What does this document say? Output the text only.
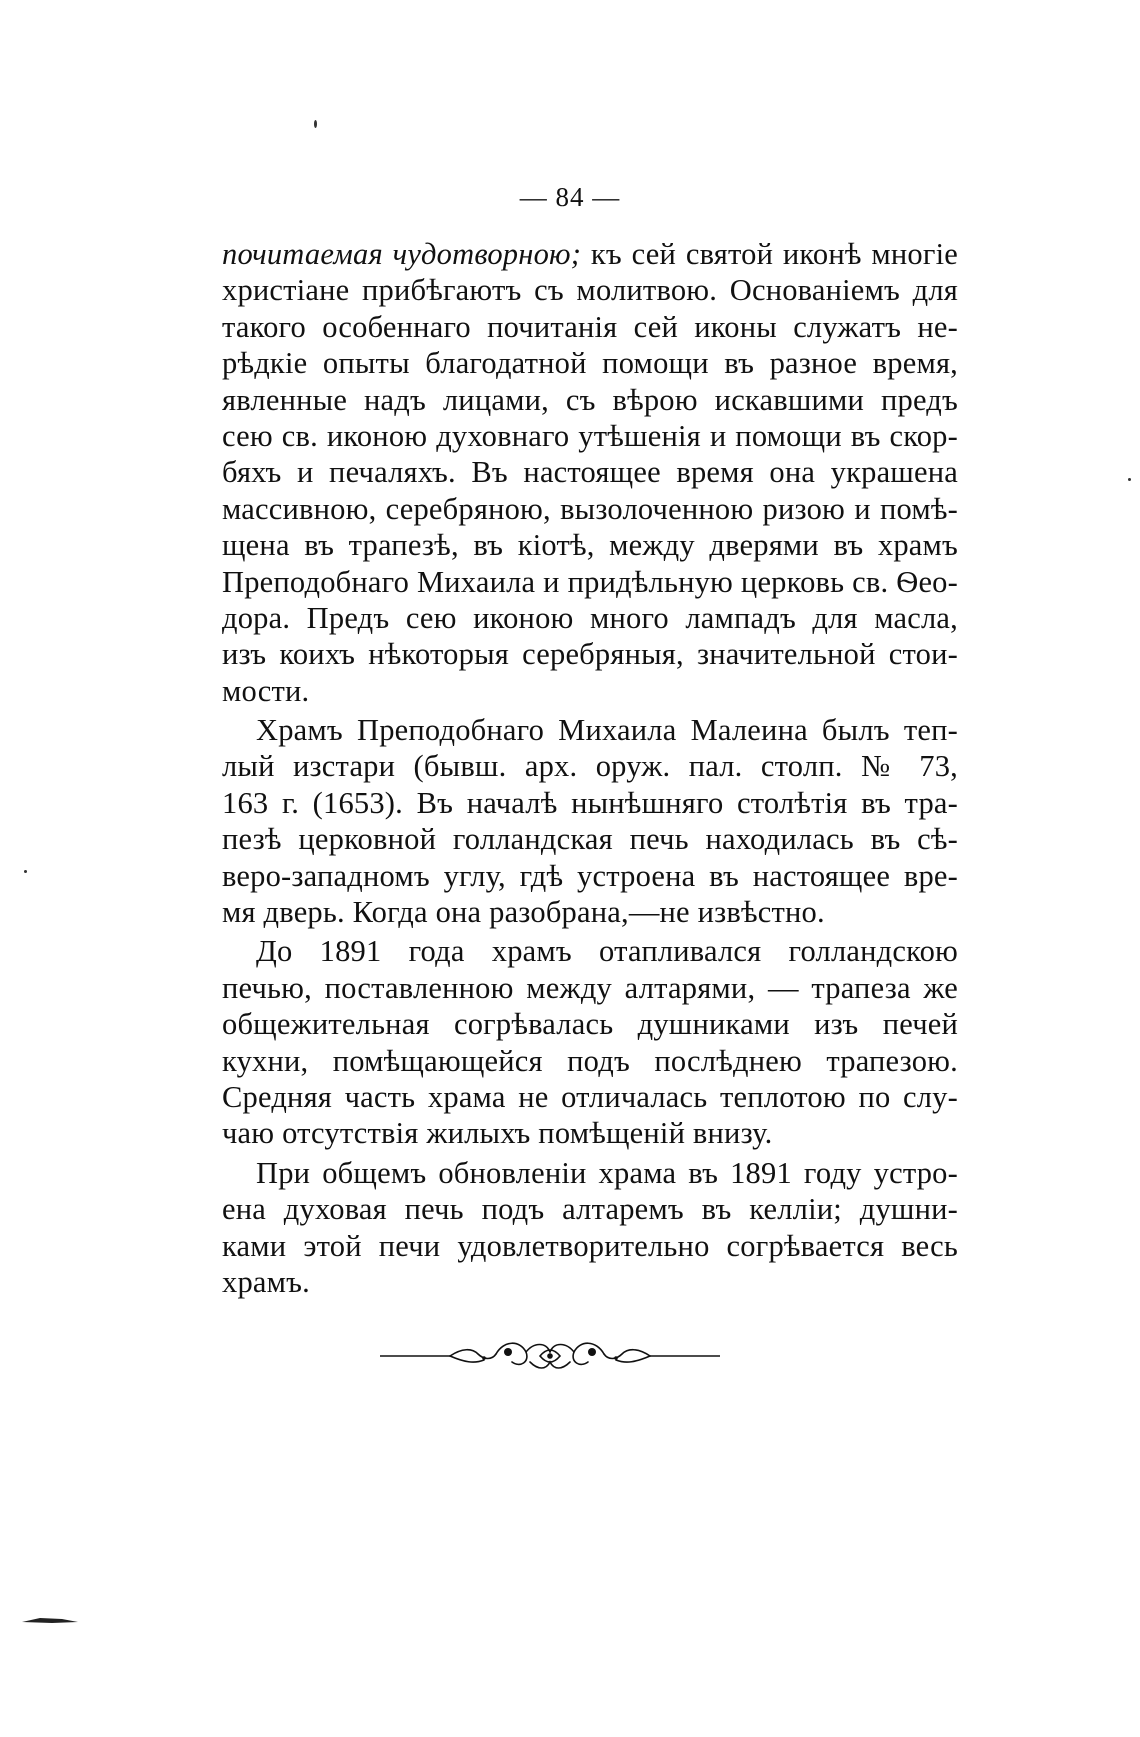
— 84 —
почитаемая чудотворною; къ сей святой иконѣ многіе
христіане прибѣгаютъ съ молитвою. Основаніемъ для
такого особеннаго почитанія сей иконы служатъ не-
рѣдкіе опыты благодатной помощи въ разное время,
явленные надъ лицами, съ вѣрою искавшими предъ
сею св. иконою духовнаго утѣшенія и помощи въ скор-
бяхъ и печаляхъ. Въ настоящее время она украшена
массивною, серебряною, вызолоченною ризою и помѣ-
щена въ трапезѣ, въ кіотѣ, между дверями въ храмъ
Преподобнаго Михаила и придѣльную церковь св. Ѳео-
дора. Предъ сею иконою много лампадъ для масла,
изъ коихъ нѣкоторыя серебряныя, значительной стои-
мости.
Храмъ Преподобнаго Михаила Малеина былъ теп-
лый изстари (бывш. арх. оруж. пал. столп. № 73,
163 г. (1653). Въ началѣ нынѣшняго столѣтія въ тра-
пезѣ церковной голландская печь находилась въ сѣ-
веро-западномъ углу, гдѣ устроена въ настоящее вре-
мя дверь. Когда она разобрана,—не извѣстно.
До 1891 года храмъ отапливался голландскою
печью, поставленною между алтарями, — трапеза же
общежительная согрѣвалась душниками изъ печей
кухни, помѣщающейся подъ послѣднею трапезою.
Средняя часть храма не отличалась теплотою по слу-
чаю отсутствія жилыхъ помѣщеній внизу.
При общемъ обновленіи храма въ 1891 году устро-
ена духовая печь подъ алтаремъ въ келліи; душни-
ками этой печи удовлетворительно согрѣвается весь
храмъ.
